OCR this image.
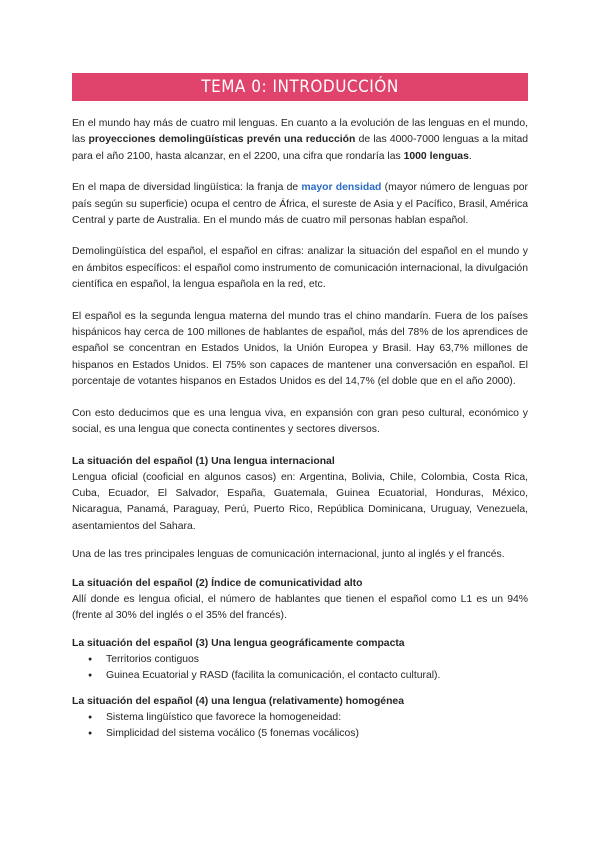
TEMA 0: INTRODUCCIÓN

En el mundo hay más de cuatro mil lenguas. En cuanto a la evolución de las lenguas en el mundo, las proyecciones demolingüísticas prevén una reducción de las 4000-7000 lenguas a la mitad para el año 2100, hasta alcanzar, en el 2200, una cifra que rondaría las 1000 lenguas.

En el mapa de diversidad lingüística: la franja de mayor densidad (mayor número de lenguas por país según su superficie) ocupa el centro de África, el sureste de Asia y el Pacífico, Brasil, América Central y parte de Australia. En el mundo más de cuatro mil personas hablan español.

Demolingüística del español, el español en cifras: analizar la situación del español en el mundo y en ámbitos específicos: el español como instrumento de comunicación internacional, la divulgación científica en español, la lengua española en la red, etc.

El español es la segunda lengua materna del mundo tras el chino mandarín. Fuera de los países hispánicos hay cerca de 100 millones de hablantes de español, más del 78% de los aprendices de español se concentran en Estados Unidos, la Unión Europea y Brasil. Hay 63,7% millones de hispanos en Estados Unidos. El 75% son capaces de mantener una conversación en español. El porcentaje de votantes hispanos en Estados Unidos es del 14,7% (el doble que en el año 2000).

Con esto deducimos que es una lengua viva, en expansión con gran peso cultural, económico y social, es una lengua que conecta continentes y sectores diversos.

La situación del español (1) Una lengua internacional

Lengua oficial (cooficial en algunos casos) en: Argentina, Bolivia, Chile, Colombia, Costa Rica, Cuba, Ecuador, El Salvador, España, Guatemala, Guinea Ecuatorial, Honduras, México, Nicaragua, Panamá, Paraguay, Perú, Puerto Rico, República Dominicana, Uruguay, Venezuela, asentamientos del Sahara.

Una de las tres principales lenguas de comunicación internacional, junto al inglés y el francés.

La situación del español (2) Índice de comunicatividad alto

Allí donde es lengua oficial, el número de hablantes que tienen el español como L1 es un 94% (frente al 30% del inglés o el 35% del francés).

La situación del español (3) Una lengua geográficamente compacta
● Territorios contiguos
● Guinea Ecuatorial y RASD (facilita la comunicación, el contacto cultural).
La situación del español (4) una lengua (relativamente) homogénea
● Sistema lingüístico que favorece la homogeneidad:
● Simplicidad del sistema vocálico (5 fonemas vocálicos)
